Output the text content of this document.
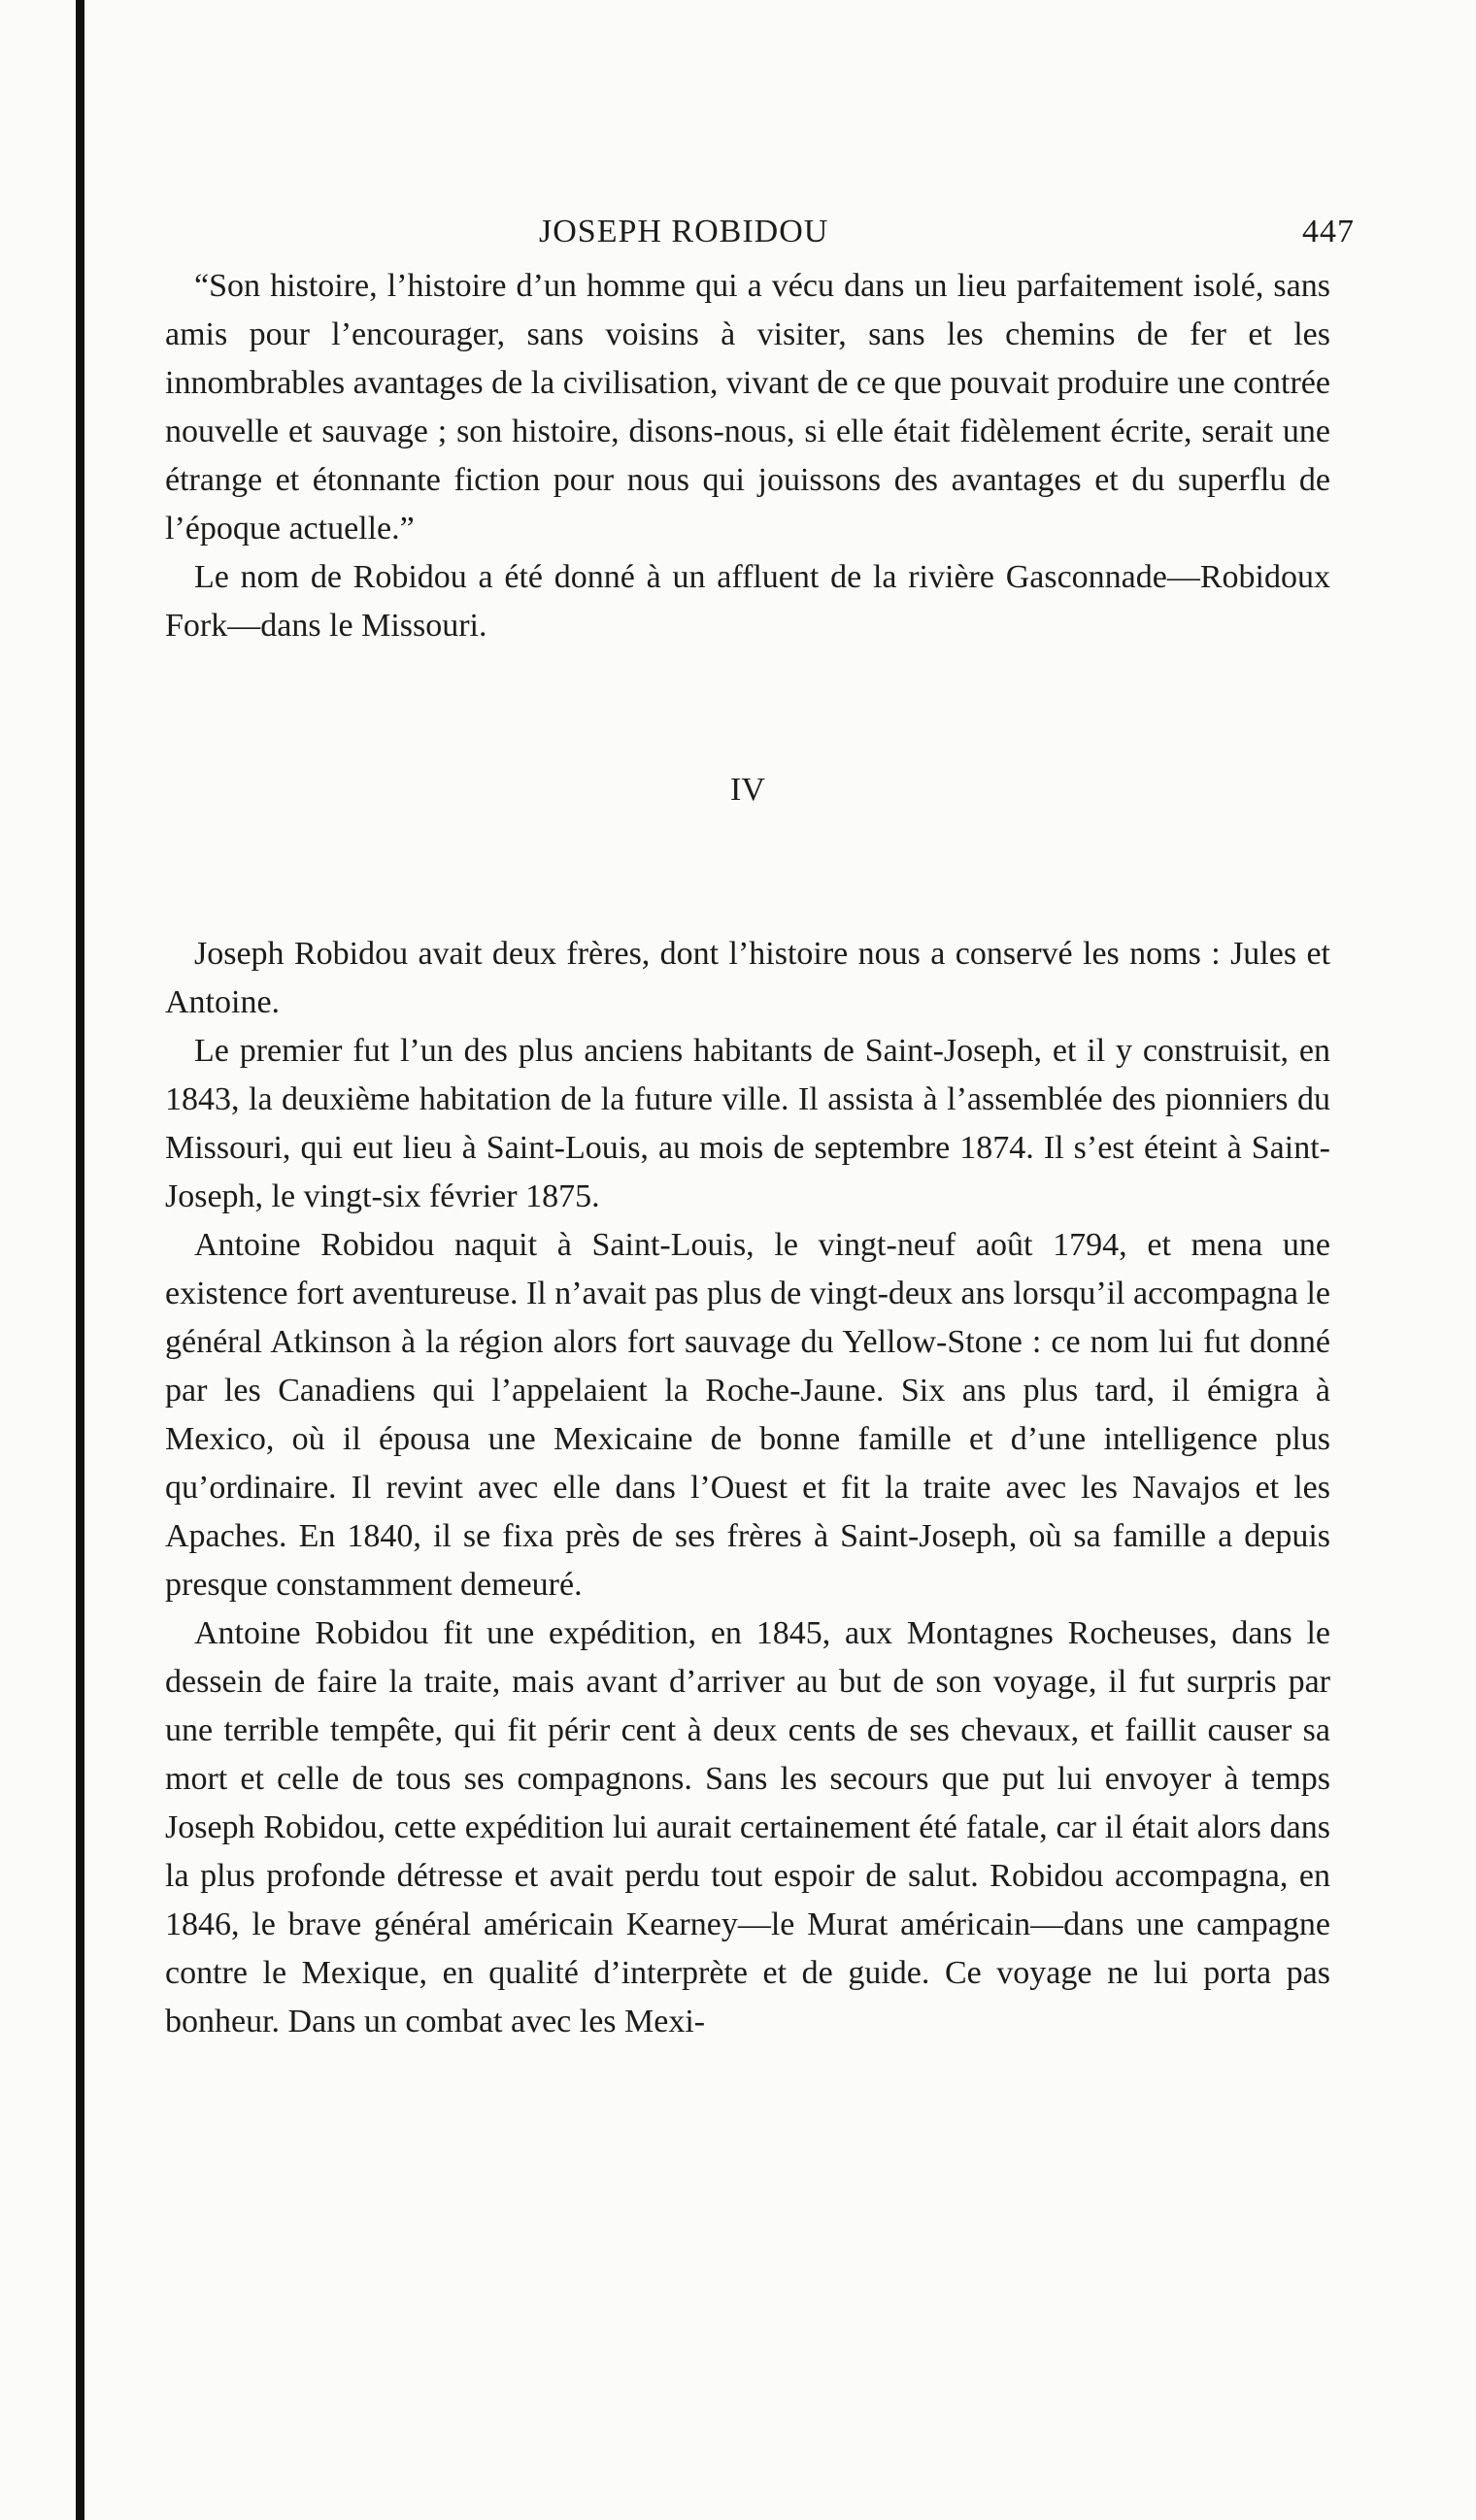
JOSEPH ROBIDOU	447

“Son histoire, l’histoire d’un homme qui a vécu dans un lieu parfaitement isolé, sans amis pour l’encourager, sans voisins à visiter, sans les chemins de fer et les innombrables avantages de la civilisation, vivant de ce que pouvait produire une contrée nouvelle et sauvage ; son histoire, disons-nous, si elle était fidèlement écrite, serait une étrange et étonnante fiction pour nous qui jouissons des avantages et du superflu de l’époque actuelle.”

Le nom de Robidou a été donné à un affluent de la rivière Gasconnade—Robidoux Fork—dans le Missouri.

IV

Joseph Robidou avait deux frères, dont l’histoire nous a conservé les noms : Jules et Antoine.

Le premier fut l’un des plus anciens habitants de Saint-Joseph, et il y construisit, en 1843, la deuxième habitation de la future ville. Il assista à l’assemblée des pionniers du Missouri, qui eut lieu à Saint-Louis, au mois de septembre 1874. Il s’est éteint à Saint-Joseph, le vingt-six février 1875.

Antoine Robidou naquit à Saint-Louis, le vingt-neuf août 1794, et mena une existence fort aventureuse. Il n’avait pas plus de vingt-deux ans lorsqu’il accompagna le général Atkinson à la région alors fort sauvage du Yellow-Stone : ce nom lui fut donné par les Canadiens qui l’appelaient la Roche-Jaune. Six ans plus tard, il émigra à Mexico, où il épousa une Mexicaine de bonne famille et d’une intelligence plus qu’ordinaire. Il revint avec elle dans l’Ouest et fit la traite avec les Navajos et les Apaches. En 1840, il se fixa près de ses frères à Saint-Joseph, où sa famille a depuis presque constamment demeuré.

Antoine Robidou fit une expédition, en 1845, aux Montagnes Rocheuses, dans le dessein de faire la traite, mais avant d’arriver au but de son voyage, il fut surpris par une terrible tempête, qui fit périr cent à deux cents de ses chevaux, et faillit causer sa mort et celle de tous ses compagnons. Sans les secours que put lui envoyer à temps Joseph Robidou, cette expédition lui aurait certainement été fatale, car il était alors dans la plus profonde détresse et avait perdu tout espoir de salut. Robidou accompagna, en 1846, le brave général américain Kearney—le Murat américain—dans une campagne contre le Mexique, en qualité d’interprète et de guide. Ce voyage ne lui porta pas bonheur. Dans un combat avec les Mexi-
